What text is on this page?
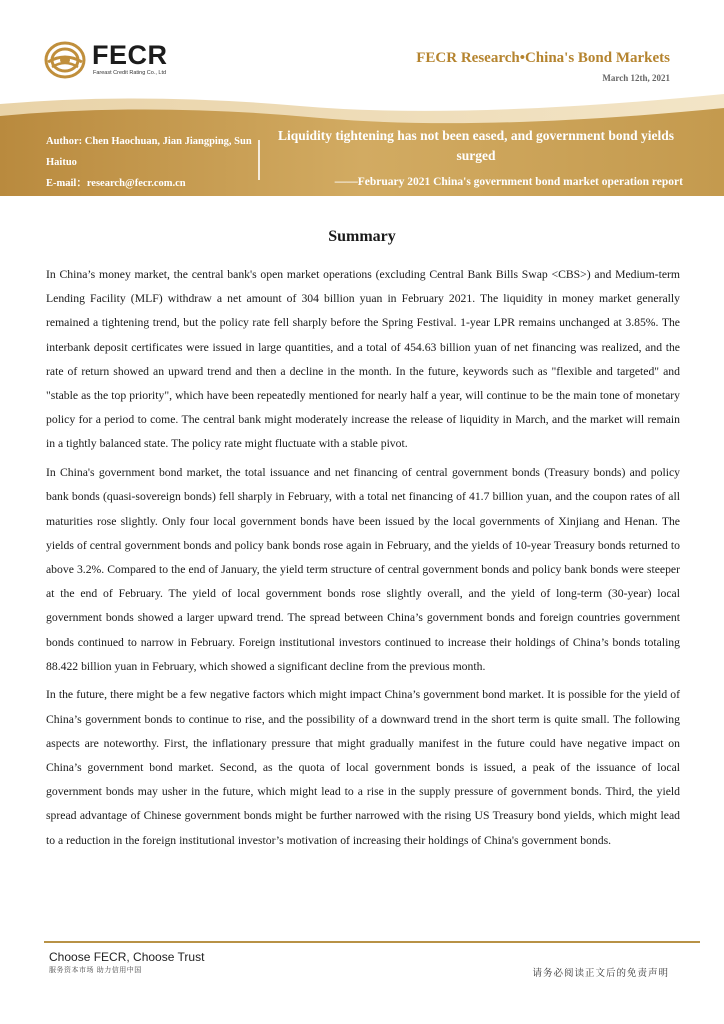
FECR
Fareast Credit Rating Co., Ltd
FECR Research•China's Bond Markets
March 12th, 2021
Author: Chen Haochuan, Jian Jiangping, Sun Haituo
E-mail：research@fecr.com.cn
Liquidity tightening has not been eased, and government bond yields surged
——February 2021 China's government bond market operation report
Summary

In China’s money market, the central bank's open market operations (excluding Central Bank Bills Swap <CBS>) and Medium-term Lending Facility (MLF) withdraw a net amount of 304 billion yuan in February 2021. The liquidity in money market generally remained a tightening trend, but the policy rate fell sharply before the Spring Festival. 1-year LPR remains unchanged at 3.85%. The interbank deposit certificates were issued in large quantities, and a total of 454.63 billion yuan of net financing was realized, and the rate of return showed an upward trend and then a decline in the month. In the future, keywords such as "flexible and targeted" and "stable as the top priority", which have been repeatedly mentioned for nearly half a year, will continue to be the main tone of monetary policy for a period to come. The central bank might moderately increase the release of liquidity in March, and the market will remain in a tightly balanced state. The policy rate might fluctuate with a stable pivot.

In China's government bond market, the total issuance and net financing of central government bonds (Treasury bonds) and policy bank bonds (quasi-sovereign bonds) fell sharply in February, with a total net financing of 41.7 billion yuan, and the coupon rates of all maturities rose slightly. Only four local government bonds have been issued by the local governments of Xinjiang and Henan. The yields of central government bonds and policy bank bonds rose again in February, and the yields of 10-year Treasury bonds returned to above 3.2%. Compared to the end of January, the yield term structure of central government bonds and policy bank bonds were steeper at the end of February. The yield of local government bonds rose slightly overall, and the yield of long-term (30-year) local government bonds showed a larger upward trend. The spread between China’s government bonds and foreign countries government bonds continued to narrow in February. Foreign institutional investors continued to increase their holdings of China’s bonds totaling 88.422 billion yuan in February, which showed a significant decline from the previous month.

In the future, there might be a few negative factors which might impact China’s government bond market. It is possible for the yield of China’s government bonds to continue to rise, and the possibility of a downward trend in the short term is quite small. The following aspects are noteworthy. First, the inflationary pressure that might gradually manifest in the future could have negative impact on China’s government bond market. Second, as the quota of local government bonds is issued, a peak of the issuance of local government bonds may usher in the future, which might lead to a rise in the supply pressure of government bonds. Third, the yield spread advantage of Chinese government bonds might be further narrowed with the rising US Treasury bond yields, which might lead to a reduction in the foreign institutional investor’s motivation of increasing their holdings of China's government bonds.

Choose FECR, Choose Trust
服务资本市场 助力信用中国	请务必阅读正文后的免责声明
